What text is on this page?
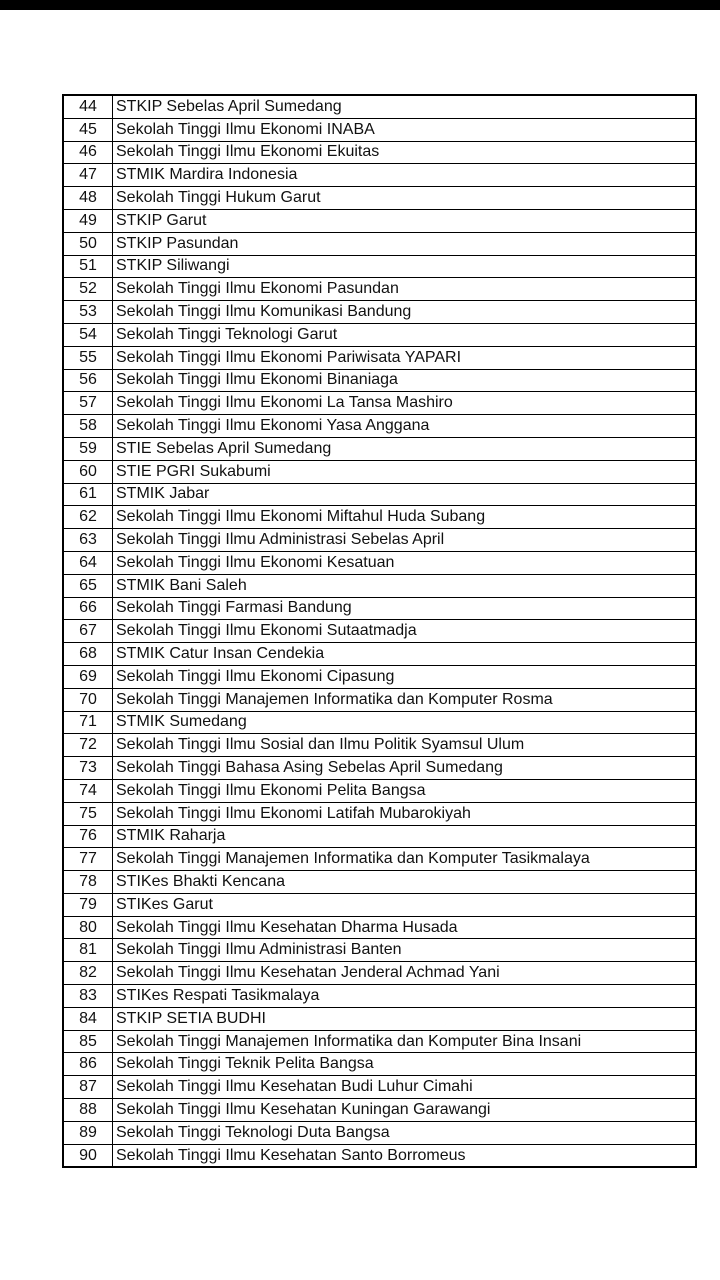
44	STKIP Sebelas April Sumedang
45	Sekolah Tinggi Ilmu Ekonomi INABA
46	Sekolah Tinggi Ilmu Ekonomi Ekuitas
47	STMIK Mardira Indonesia
48	Sekolah Tinggi Hukum Garut
49	STKIP Garut
50	STKIP Pasundan
51	STKIP Siliwangi
52	Sekolah Tinggi Ilmu Ekonomi Pasundan
53	Sekolah Tinggi Ilmu Komunikasi Bandung
54	Sekolah Tinggi Teknologi Garut
55	Sekolah Tinggi Ilmu Ekonomi Pariwisata YAPARI
56	Sekolah Tinggi Ilmu Ekonomi Binaniaga
57	Sekolah Tinggi Ilmu Ekonomi La Tansa Mashiro
58	Sekolah Tinggi Ilmu Ekonomi Yasa Anggana
59	STIE Sebelas April Sumedang
60	STIE PGRI Sukabumi
61	STMIK Jabar
62	Sekolah Tinggi Ilmu Ekonomi Miftahul Huda Subang
63	Sekolah Tinggi Ilmu Administrasi Sebelas April
64	Sekolah Tinggi Ilmu Ekonomi Kesatuan
65	STMIK Bani Saleh
66	Sekolah Tinggi Farmasi Bandung
67	Sekolah Tinggi Ilmu Ekonomi Sutaatmadja
68	STMIK Catur Insan Cendekia
69	Sekolah Tinggi Ilmu Ekonomi Cipasung
70	Sekolah Tinggi Manajemen Informatika dan Komputer Rosma
71	STMIK Sumedang
72	Sekolah Tinggi Ilmu Sosial dan Ilmu Politik Syamsul Ulum
73	Sekolah Tinggi Bahasa Asing Sebelas April Sumedang
74	Sekolah Tinggi Ilmu Ekonomi Pelita Bangsa
75	Sekolah Tinggi Ilmu Ekonomi Latifah Mubarokiyah
76	STMIK Raharja
77	Sekolah Tinggi Manajemen Informatika dan Komputer Tasikmalaya
78	STIKes Bhakti Kencana
79	STIKes Garut
80	Sekolah Tinggi Ilmu Kesehatan Dharma Husada
81	Sekolah Tinggi Ilmu Administrasi Banten
82	Sekolah Tinggi Ilmu Kesehatan Jenderal Achmad Yani
83	STIKes Respati Tasikmalaya
84	STKIP SETIA BUDHI
85	Sekolah Tinggi Manajemen Informatika dan Komputer Bina Insani
86	Sekolah Tinggi Teknik Pelita Bangsa
87	Sekolah Tinggi Ilmu Kesehatan Budi Luhur Cimahi
88	Sekolah Tinggi Ilmu Kesehatan Kuningan Garawangi
89	Sekolah Tinggi Teknologi Duta Bangsa
90	Sekolah Tinggi Ilmu Kesehatan Santo Borromeus
